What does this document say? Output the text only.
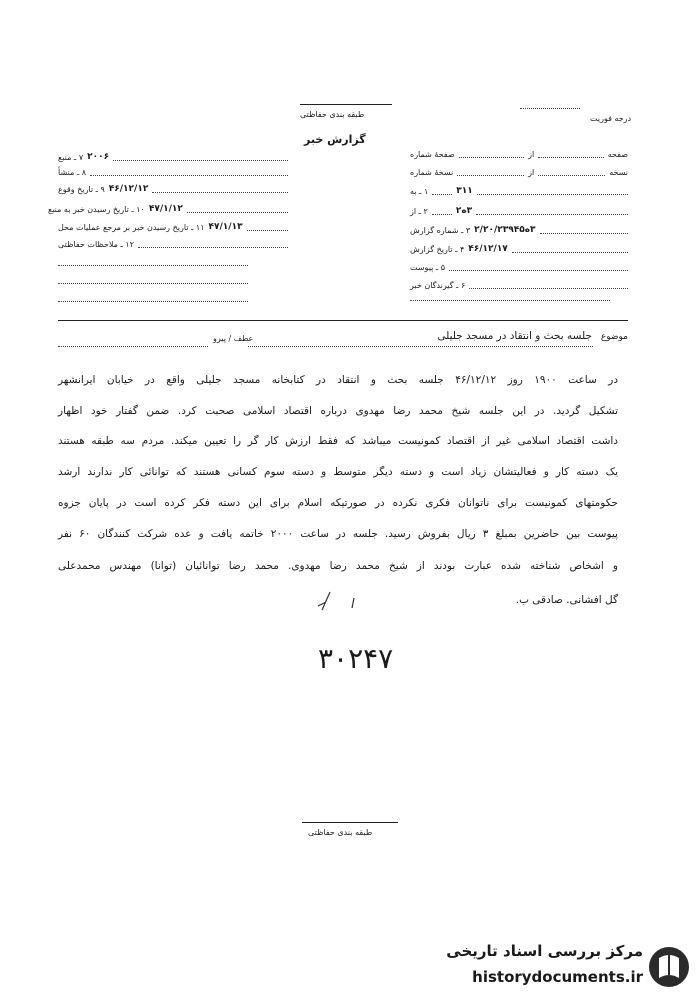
طبقه بندی حفاظتی	درجه فوریت
گزارش خبر
صفحهٔ شماره	از	صفحه
نسخهٔ شماره	از	نسخه
۱ ـ به	۳۱۱
۲ ـ از	۳ه۲
۳ ـ شماره گزارش ۳ه۲/۲۰/۲۳۹۴۵
۴ ـ تاریخ گزارش ۴۶/۱۲/۱۷
۵ ـ پیوست
۶ ـ گیرندگان خبر
۷ ـ منبع ۲۰۰۶
۸ ـ منشأ
۹ ـ تاریخ وقوع ۴۶/۱۲/۱۲
۱۰ ـ تاریخ رسیدن خبر به منبع ۴۷/۱/۱۲
۱۱ ـ تاریخ رسیدن خبر بر مرجع عملیات محل ۴۷/۱/۱۳
۱۲ ـ ملاحظات حفاظتی
موضوع
جلسه بحث و انتقاد در مسجد جلیلی
عطف / پیرو
در ساعت ۱۹۰۰ روز ۴۶/۱۲/۱۲ جلسه بحث و انتقاد در کتابخانه مسجد جلیلی واقع در خیابان ایرانشهر
تشکیل گردید. در این جلسه شیخ محمد رضا مهدوی درباره اقتصاد اسلامی صحبت کرد. ضمن گفتار خود اظهار
داشت اقتصاد اسلامی غیر از اقتصاد کمونیست میباشد که فقط ارزش کار گر را تعیین میکند. مردم سه طبقه هستند
یک دسته کار و فعالیتشان زیاد است و دسته دیگر متوسط و دسته سوم کسانی هستند که توانائی کار ندارند ارشد
حکومتهای کمونیست برای ناتوانان فکری نکرده در صورتیکه اسلام برای این دسته فکر کرده است در پایان جزوه
پیوست بین حاضرین بمبلغ ۳ ریال بفروش رسید. جلسه در ساعت ۲۰۰۰ خاتمه یافت و عده شرکت کنندگان ۶۰ نفر
و اشخاص شناخته شده عبارت بودند از شیخ محمد رضا مهدوی. محمد رضا توانائیان (توانا) مهندس محمدعلی
گل افشانی. صادقی ب.
۳۰۲۴۷
طبقه بندی حفاظتی
مرکز بررسی اسناد تاریخی
historydocuments.ir
